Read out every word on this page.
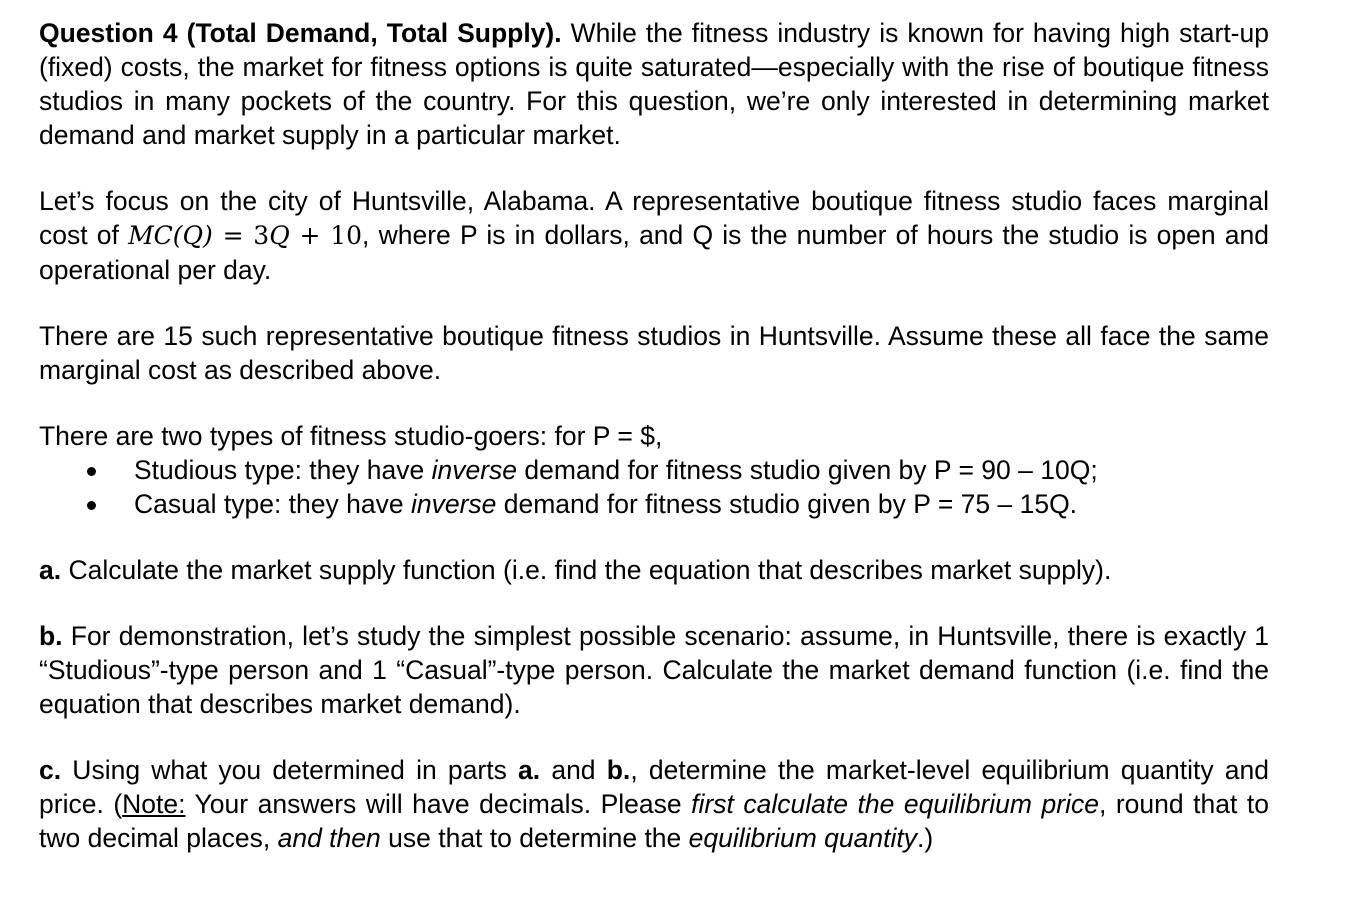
Question 4 (Total Demand, Total Supply). While the fitness industry is known for having high start-up (fixed) costs, the market for fitness options is quite saturated—especially with the rise of boutique fitness studios in many pockets of the country. For this question, we’re only interested in determining market demand and market supply in a particular market.

Let’s focus on the city of Huntsville, Alabama. A representative boutique fitness studio faces marginal cost of MC(Q) = 3Q + 10, where P is in dollars, and Q is the number of hours the studio is open and operational per day.

There are 15 such representative boutique fitness studios in Huntsville. Assume these all face the same marginal cost as described above.

There are two types of fitness studio-goers: for P = $,

Studious type: they have inverse demand for fitness studio given by P = 90 – 10Q;
Casual type: they have inverse demand for fitness studio given by P = 75 – 15Q.

a. Calculate the market supply function (i.e. find the equation that describes market supply).

b. For demonstration, let’s study the simplest possible scenario: assume, in Huntsville, there is exactly 1 “Studious”-type person and 1 “Casual”-type person. Calculate the market demand function (i.e. find the equation that describes market demand).

c. Using what you determined in parts a. and b., determine the market-level equilibrium quantity and price. (Note: Your answers will have decimals. Please first calculate the equilibrium price, round that to two decimal places, and then use that to determine the equilibrium quantity.)
